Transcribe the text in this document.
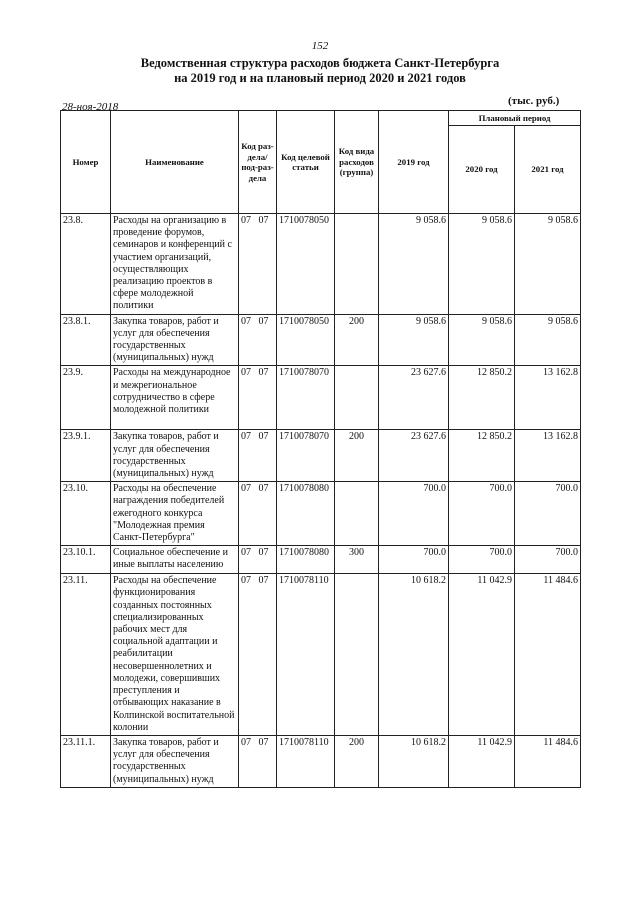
152
Ведомственная структура расходов бюджета Санкт-Петербурга
на 2019 год и на плановый период 2020 и 2021 годов
28-ноя-2018	(тыс. руб.)
Номер	Наименование	Код раз-дела/ под-раз-дела	Код целевой статьи	Код вида расходов (группа)	2019 год	Плановый период	
						2020 год	2021 год
23.8.	Расходы на организацию в проведение форумов, семинаров и конференций с участием организаций, осуществляющих реализацию проектов в сфере молодежной политики	07 07	1710078050		9 058.6	9 058.6	9 058.6
23.8.1.	Закупка товаров, работ и услуг для обеспечения государственных (муниципальных) нужд	07 07	1710078050	200	9 058.6	9 058.6	9 058.6
23.9.	Расходы на международное и межрегиональное сотрудничество в сфере молодежной политики	07 07	1710078070		23 627.6	12 850.2	13 162.8
23.9.1.	Закупка товаров, работ и услуг для обеспечения государственных (муниципальных) нужд	07 07	1710078070	200	23 627.6	12 850.2	13 162.8
23.10.	Расходы на обеспечение награждения победителей ежегодного конкурса "Молодежная премия Санкт-Петербурга"	07 07	1710078080		700.0	700.0	700.0
23.10.1.	Социальное обеспечение и иные выплаты населению	07 07	1710078080	300	700.0	700.0	700.0
23.11.	Расходы на обеспечение функционирования созданных постоянных специализированных рабочих мест для социальной адаптации и реабилитации несовершеннолетних и молодежи, совершивших преступления и отбывающих наказание в Колпинской воспитательной колонии	07 07	1710078110		10 618.2	11 042.9	11 484.6
23.11.1.	Закупка товаров, работ и услуг для обеспечения государственных (муниципальных) нужд	07 07	1710078110	200	10 618.2	11 042.9	11 484.6
